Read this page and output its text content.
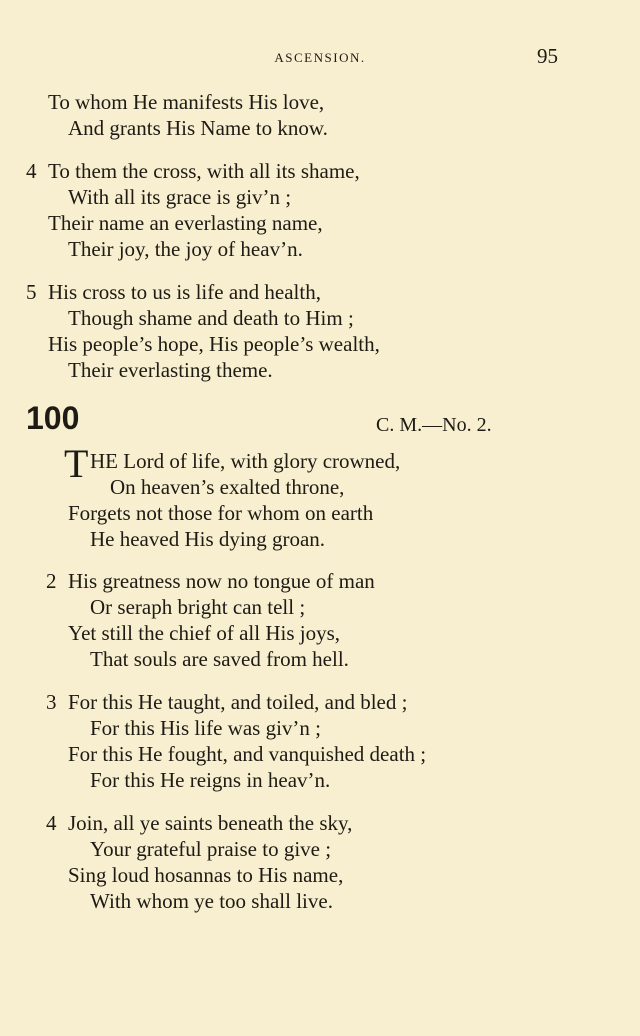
ASCENSION.	95
To whom He manifests His love,
And grants His Name to know.
4 To them the cross, with all its shame,
With all its grace is giv’n ;
Their name an everlasting name,
Their joy, the joy of heav’n.
5 His cross to us is life and health,
Though shame and death to Him ;
His people’s hope, His people’s wealth,
Their everlasting theme.
100	C. M.—No. 2.
T HE Lord of life, with glory crowned,
On heaven’s exalted throne,
Forgets not those for whom on earth
He heaved His dying groan.
2 His greatness now no tongue of man
Or seraph bright can tell ;
Yet still the chief of all His joys,
That souls are saved from hell.
3 For this He taught, and toiled, and bled ;
For this His life was giv’n ;
For this He fought, and vanquished death ;
For this He reigns in heav’n.
4 Join, all ye saints beneath the sky,
Your grateful praise to give ;
Sing loud hosannas to His name,
With whom ye too shall live.
